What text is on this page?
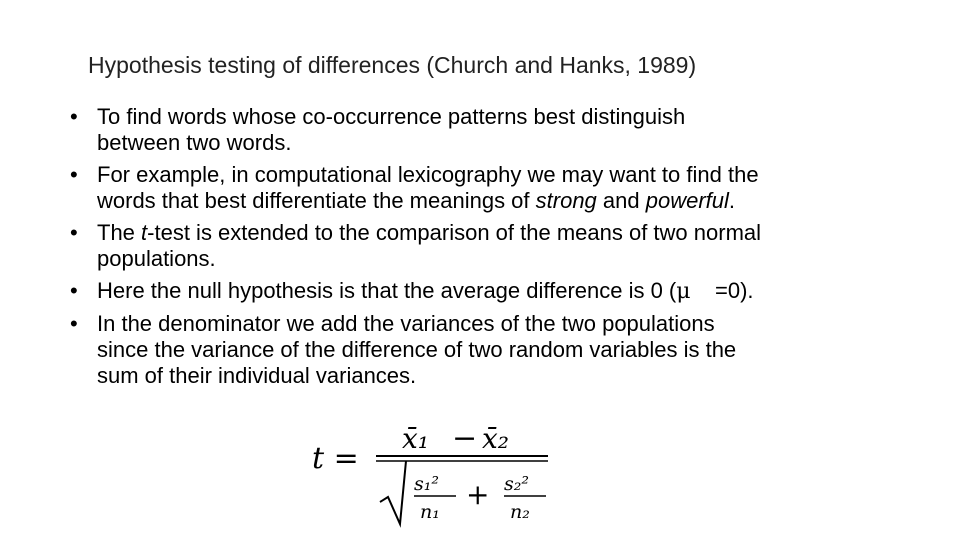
Hypothesis testing of differences (Church and Hanks, 1989)
• To find words whose co-occurrence patterns best distinguish
between two words.
• For example, in computational lexicography we may want to find the
words that best differentiate the meanings of strong and powerful.
• The t-test is extended to the comparison of the means of two normal
populations.
• Here the null hypothesis is that the average difference is 0 (μ    =0).
• In the denominator we add the variances of the two populations
since the variance of the difference of two random variables is the
sum of their individual variances.
t =
x̄₁ − x̄₂
s₁²
n₁
+ s₂²
n₂
